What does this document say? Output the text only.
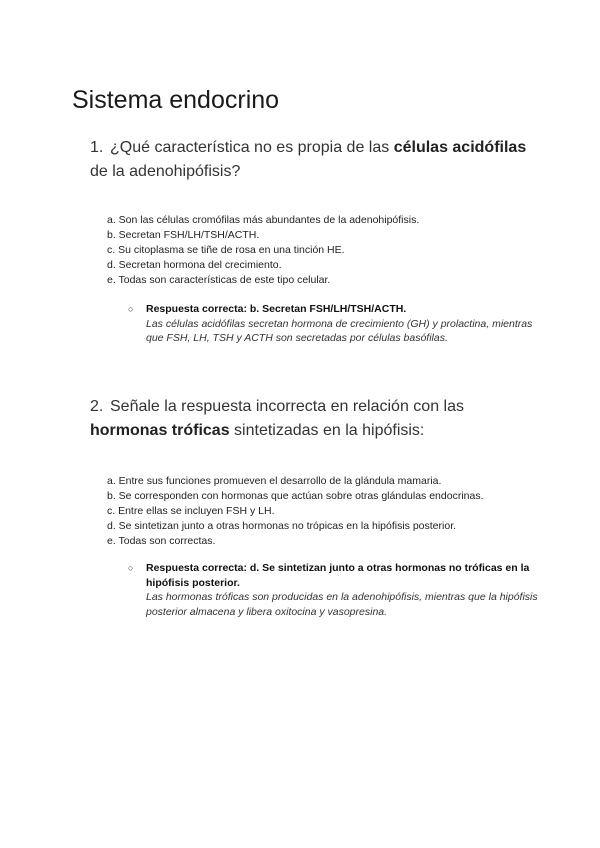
Sistema endocrino
1. ¿Qué característica no es propia de las células acidófilas de la adenohipófisis?
a. Son las células cromófilas más abundantes de la adenohipófisis.
b. Secretan FSH/LH/TSH/ACTH.
c. Su citoplasma se tiñe de rosa en una tinción HE.
d. Secretan hormona del crecimiento.
e. Todas son características de este tipo celular.
○ Respuesta correcta: b. Secretan FSH/LH/TSH/ACTH.
Las células acidófilas secretan hormona de crecimiento (GH) y prolactina, mientras que FSH, LH, TSH y ACTH son secretadas por células basófilas.
2. Señale la respuesta incorrecta en relación con las hormonas tróficas sintetizadas en la hipófisis:
a. Entre sus funciones promueven el desarrollo de la glándula mamaria.
b. Se corresponden con hormonas que actúan sobre otras glándulas endocrinas.
c. Entre ellas se incluyen FSH y LH.
d. Se sintetizan junto a otras hormonas no trópicas en la hipófisis posterior.
e. Todas son correctas.
○ Respuesta correcta: d. Se sintetizan junto a otras hormonas no tróficas en la hipófisis posterior.
Las hormonas tróficas son producidas en la adenohipófisis, mientras que la hipófisis posterior almacena y libera oxitocina y vasopresina.
